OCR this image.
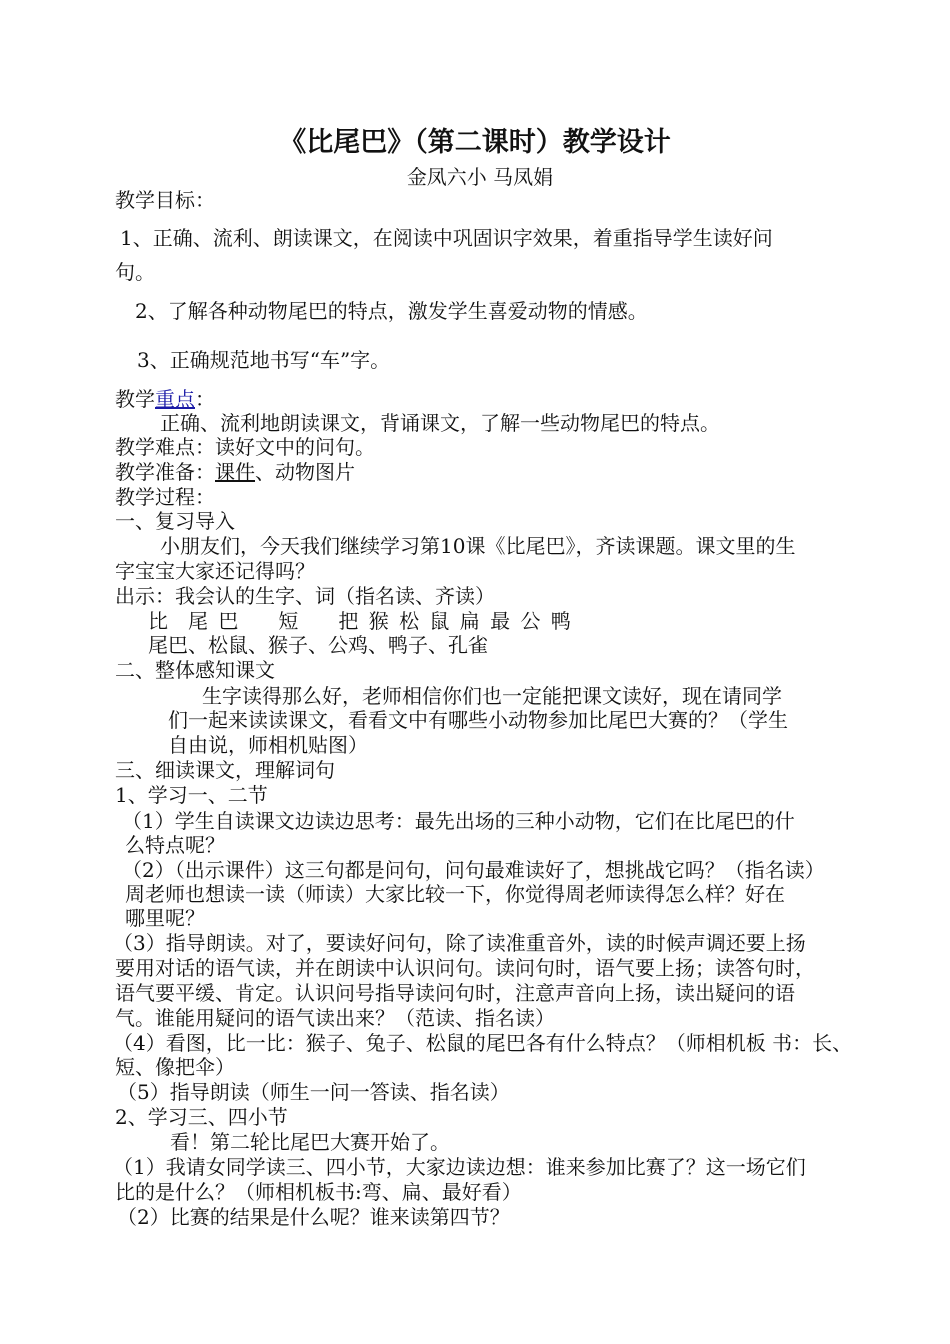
《比尾巴》（第二课时）教学设计
金凤六小 马凤娟
教学目标：
1、正确、流利、朗读课文，在阅读中巩固识字效果，着重指导学生读好问
句。
2、了解各种动物尾巴的特点，激发学生喜爱动物的情感。
3、正确规范地书写“车”字。
教学重点：
正确、流利地朗读课文，背诵课文，了解一些动物尾巴的特点。
教学难点：读好文中的问句。
教学准备：课件、动物图片
教学过程：
一、复习导入
小朋友们，今天我们继续学习第10课《比尾巴》，齐读课题。课文里的生
字宝宝大家还记得吗？
出示：我会认的生字、词（指名读、齐读）
比　尾 巴　　短　　把 猴 松 鼠 扁 最 公 鸭
尾巴、松鼠、猴子、公鸡、鸭子、孔雀
二、整体感知课文
生字读得那么好，老师相信你们也一定能把课文读好，现在请同学
们一起来读读课文，看看文中有哪些小动物参加比尾巴大赛的？（学生
自由说，师相机贴图）
三、细读课文，理解词句
1、学习一、二节
（1）学生自读课文边读边思考：最先出场的三种小动物，它们在比尾巴的什
么特点呢？
（2）（出示课件）这三句都是问句，问句最难读好了，想挑战它吗？（指名读）
周老师也想读一读（师读）大家比较一下，你觉得周老师读得怎么样？好在
哪里呢？
（3）指导朗读。对了，要读好问句，除了读准重音外，读的时候声调还要上扬
要用对话的语气读，并在朗读中认识问句。读问句时，语气要上扬；读答句时，
语气要平缓、肯定。认识问号指导读问句时，注意声音向上扬，读出疑问的语
气。谁能用疑问的语气读出来？（范读、指名读）
（4）看图，比一比：猴子、兔子、松鼠的尾巴各有什么特点？（师相机板 书：长、
短、像把伞）
（5）指导朗读（师生一问一答读、指名读）
2、学习三、四小节
看！第二轮比尾巴大赛开始了。
（1）我请女同学读三、四小节，大家边读边想：谁来参加比赛了？这一场它们
比的是什么？（师相机板书:弯、扁、最好看）
（2）比赛的结果是什么呢？谁来读第四节？
